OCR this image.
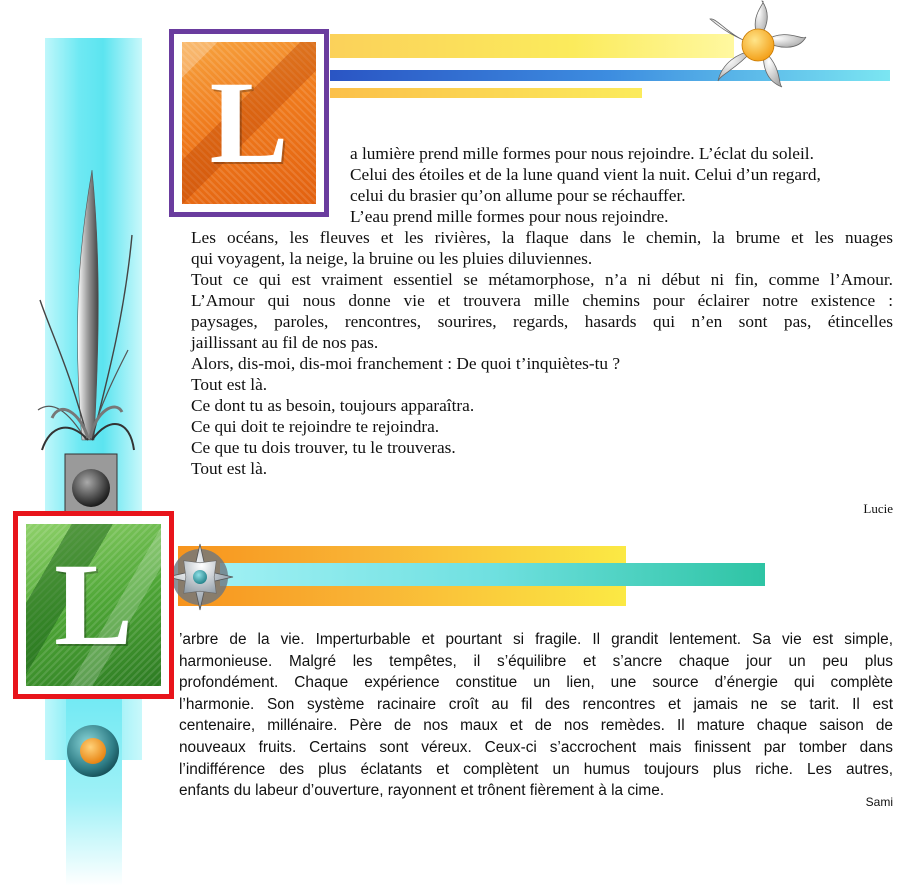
L	a lumière prend mille formes pour nous rejoindre. L’éclat du soleil.
Celui des étoiles et de la lune quand vient la nuit. Celui d’un regard,
celui du brasier qu’on allume pour se réchauffer.
L’eau prend mille formes pour nous rejoindre.
Les océans, les fleuves et les rivières, la flaque dans le chemin, la brume et les nuages
qui voyagent, la neige, la bruine ou les pluies diluviennes.
Tout ce qui est vraiment essentiel se métamorphose, n’a ni début ni fin, comme l’Amour.
L’Amour qui nous donne vie et trouvera mille chemins pour éclairer notre existence :
paysages, paroles, rencontres, sourires, regards, hasards qui n’en sont pas, étincelles
jaillissant au fil de nos pas.
Alors, dis-moi, dis-moi franchement : De quoi t’inquiètes-tu ?
Tout est là.
Ce dont tu as besoin, toujours apparaîtra.
Ce qui doit te rejoindre te rejoindra.
Ce que tu dois trouver, tu le trouveras.
Tout est là.
Lucie
L	’arbre de la vie. Imperturbable et pourtant si fragile. Il grandit lentement. Sa vie est simple,
harmonieuse. Malgré les tempêtes, il s’équilibre et s’ancre chaque jour un peu plus
profondément. Chaque expérience constitue un lien, une source d’énergie qui complète
l’harmonie. Son système racinaire croît au fil des rencontres et jamais ne se tarit. Il est
centenaire, millénaire. Père de nos maux et de nos remèdes. Il mature chaque saison de
nouveaux fruits. Certains sont véreux. Ceux-ci s’accrochent mais finissent par tomber dans
l’indifférence des plus éclatants et complètent un humus toujours plus riche. Les autres,
enfants du labeur d’ouverture, rayonnent et trônent fièrement à la cime.
Sami
